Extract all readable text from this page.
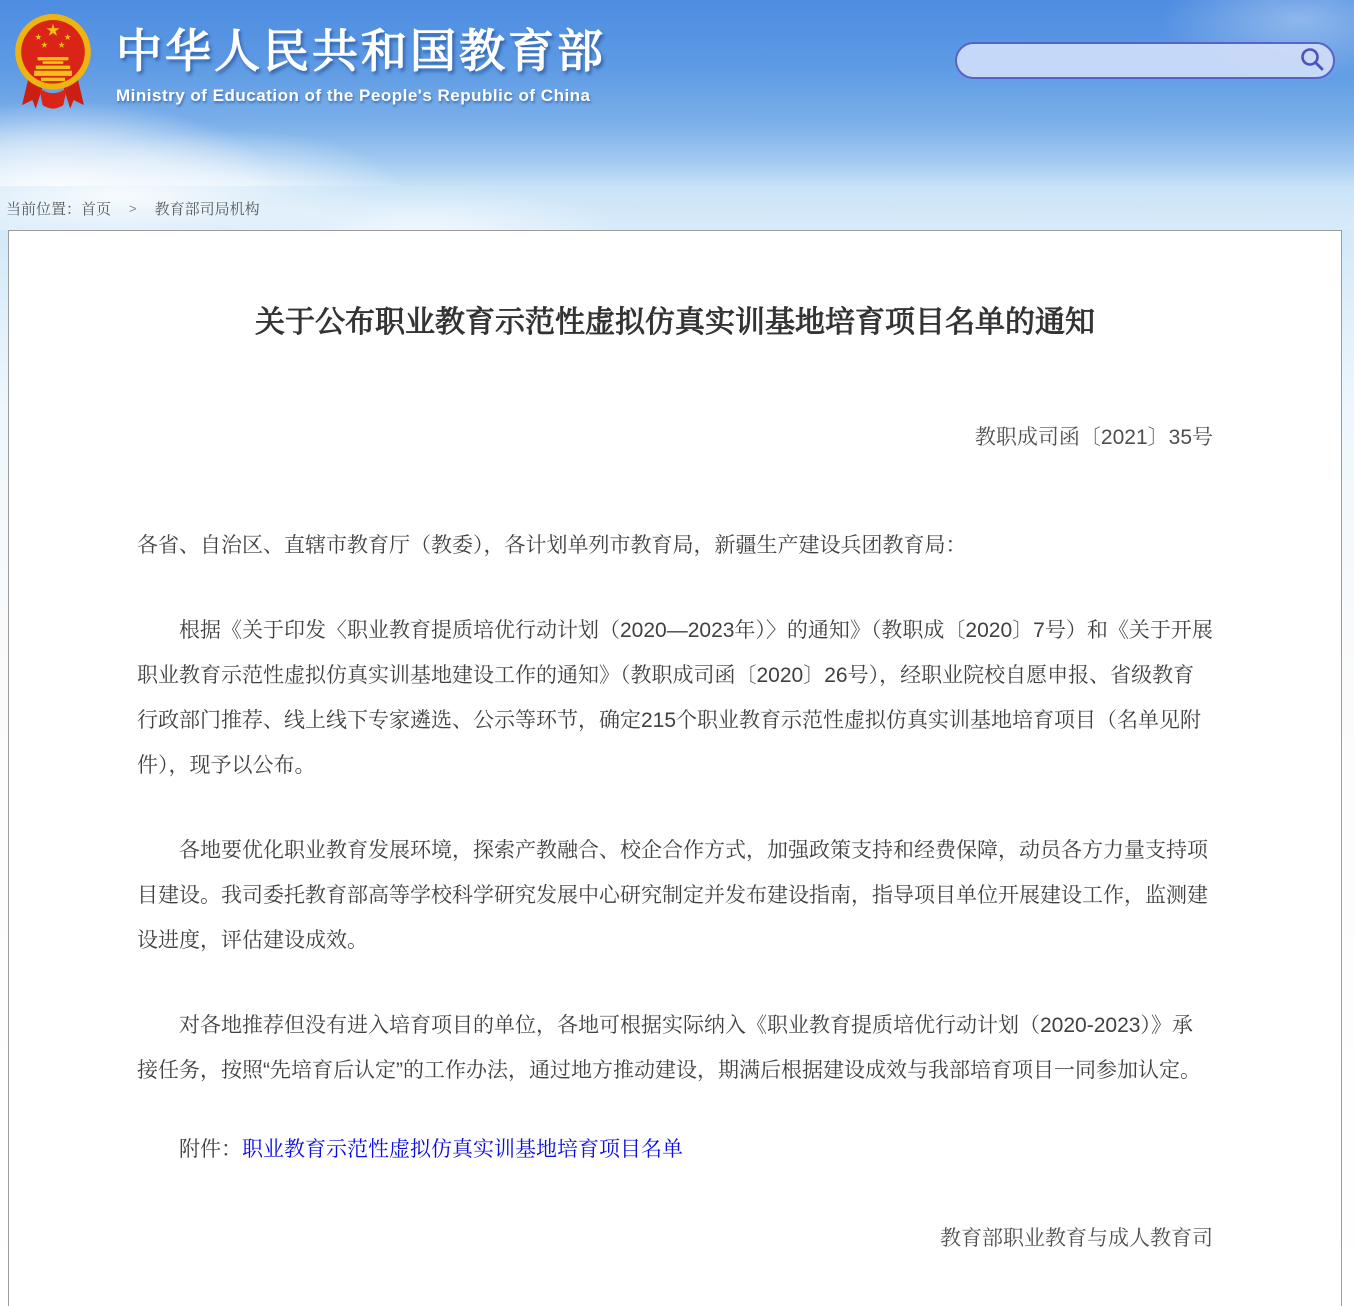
中华人民共和国教育部
Ministry of Education of the People's Republic of China
当前位置： 首页 > 教育部司局机构
关于公布职业教育示范性虚拟仿真实训基地培育项目名单的通知
教职成司函〔2021〕35号

各省、自治区、直辖市教育厅（教委），各计划单列市教育局，新疆生产建设兵团教育局：

根据《关于印发〈职业教育提质培优行动计划（2020—2023年）〉的通知》（教职成〔2020〕7号）和《关于开展职业教育示范性虚拟仿真实训基地建设工作的通知》（教职成司函〔2020〕26号），经职业院校自愿申报、省级教育行政部门推荐、线上线下专家遴选、公示等环节，确定215个职业教育示范性虚拟仿真实训基地培育项目（名单见附件），现予以公布。

各地要优化职业教育发展环境，探索产教融合、校企合作方式，加强政策支持和经费保障，动员各方力量支持项目建设。我司委托教育部高等学校科学研究发展中心研究制定并发布建设指南，指导项目单位开展建设工作，监测建设进度，评估建设成效。

对各地推荐但没有进入培育项目的单位，各地可根据实际纳入《职业教育提质培优行动计划（2020-2023）》承接任务，按照“先培育后认定”的工作办法，通过地方推动建设，期满后根据建设成效与我部培育项目一同参加认定。

附件：职业教育示范性虚拟仿真实训基地培育项目名单
教育部职业教育与成人教育司
